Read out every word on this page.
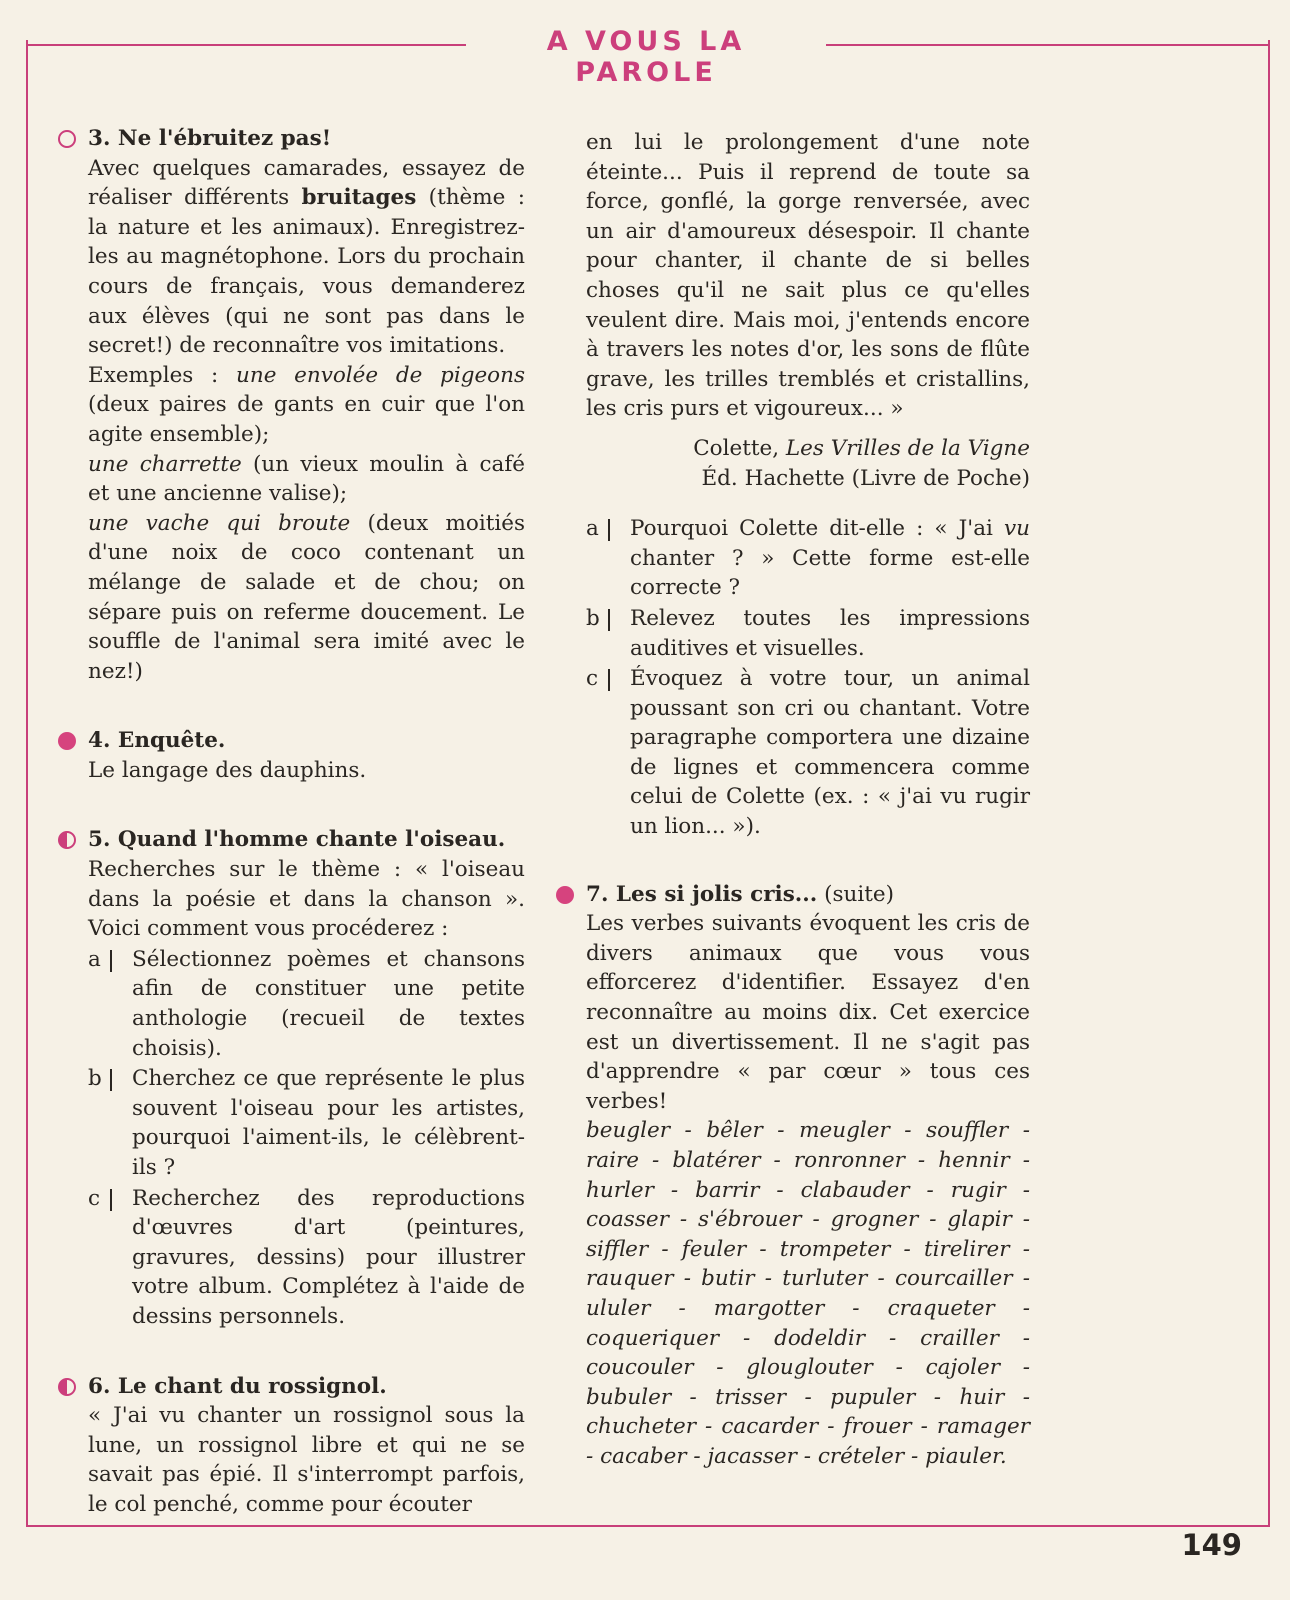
A VOUS LA PAROLE

3. Ne l'ébruitez pas!

Avec quelques camarades, essayez de réaliser différents bruitages (thème : la nature et les animaux). Enregistrez-les au magnétophone. Lors du prochain cours de français, vous demanderez aux élèves (qui ne sont pas dans le secret!) de reconnaître vos imitations.

Exemples : une envolée de pigeons (deux paires de gants en cuir que l'on agite ensemble);

une charrette (un vieux moulin à café et une ancienne valise);

une vache qui broute (deux moitiés d'une noix de coco contenant un mélange de salade et de chou; on sépare puis on referme doucement. Le souffle de l'animal sera imité avec le nez!)

4. Enquête.

Le langage des dauphins.

5. Quand l'homme chante l'oiseau.

Recherches sur le thème : « l'oiseau dans la poésie et dans la chanson ». Voici comment vous procéderez :

a Sélectionnez poèmes et chansons afin de constituer une petite anthologie (recueil de textes choisis).
b Cherchez ce que représente le plus souvent l'oiseau pour les artistes, pourquoi l'aiment-ils, le célèbrent-ils ?
c Recherchez des reproductions d'œuvres d'art (peintures, gravures, dessins) pour illustrer votre album. Complétez à l'aide de dessins personnels.

6. Le chant du rossignol.

« J'ai vu chanter un rossignol sous la lune, un rossignol libre et qui ne se savait pas épié. Il s'interrompt parfois, le col penché, comme pour écouter

en lui le prolongement d'une note éteinte... Puis il reprend de toute sa force, gonflé, la gorge renversée, avec un air d'amoureux désespoir. Il chante pour chanter, il chante de si belles choses qu'il ne sait plus ce qu'elles veulent dire. Mais moi, j'entends encore à travers les notes d'or, les sons de flûte grave, les trilles tremblés et cristallins, les cris purs et vigoureux... »

Colette, Les Vrilles de la Vigne

Éd. Hachette (Livre de Poche)

a Pourquoi Colette dit-elle : « J'ai vu chanter ? » Cette forme est-elle correcte ?
b Relevez toutes les impressions auditives et visuelles.
c Évoquez à votre tour, un animal poussant son cri ou chantant. Votre paragraphe comportera une dizaine de lignes et commencera comme celui de Colette (ex. : « j'ai vu rugir un lion... »).

7. Les si jolis cris... (suite)

Les verbes suivants évoquent les cris de divers animaux que vous vous efforcerez d'identifier. Essayez d'en reconnaître au moins dix. Cet exercice est un divertissement. Il ne s'agit pas d'apprendre « par cœur » tous ces verbes!

beugler - bêler - meugler - souffler - raire - blatérer - ronronner - hennir - hurler - barrir - clabauder - rugir - coasser - s'ébrouer - grogner - glapir - siffler - feuler - trompeter - tirelirer - rauquer - butir - turluter - courcailler - ululer - margotter - craqueter - coqueriquer - dodeldir - crailler - coucouler - glouglouter - cajoler - bubuler - trisser - pupuler - huir - chucheter - cacarder - frouer - ramager - cacaber - jacasser - crételer - piauler.

149
